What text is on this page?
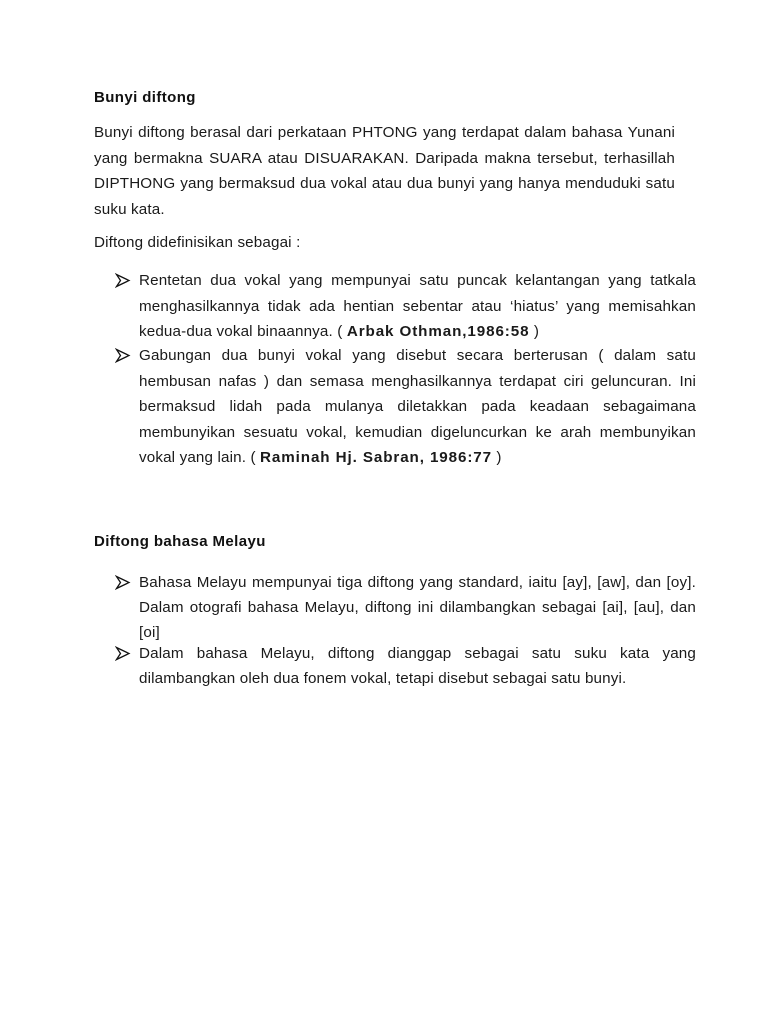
Bunyi diftong
Bunyi diftong berasal dari perkataan PHTONG yang terdapat dalam bahasa Yunani yang bermakna SUARA atau DISUARAKAN. Daripada makna tersebut, terhasillah DIPTHONG yang bermaksud dua vokal atau dua bunyi yang hanya menduduki satu suku kata.
Diftong didefinisikan sebagai :
Rentetan dua vokal yang mempunyai satu puncak kelantangan yang tatkala menghasilkannya tidak ada hentian sebentar atau ‘hiatus’ yang memisahkan kedua-dua vokal binaannya. ( Arbak Othman,1986:58 )
Gabungan dua bunyi vokal yang disebut secara berterusan ( dalam satu hembusan nafas ) dan semasa menghasilkannya terdapat ciri geluncuran. Ini bermaksud lidah pada mulanya diletakkan pada keadaan sebagaimana membunyikan sesuatu vokal, kemudian digeluncurkan ke arah membunyikan vokal yang lain. ( Raminah Hj. Sabran, 1986:77 )
Diftong bahasa Melayu
Bahasa Melayu mempunyai tiga diftong yang standard, iaitu [ay], [aw], dan [oy]. Dalam otografi bahasa Melayu, diftong ini dilambangkan sebagai [ai], [au], dan [oi]
Dalam bahasa Melayu, diftong dianggap sebagai satu suku kata yang dilambangkan oleh dua fonem vokal, tetapi disebut sebagai satu bunyi.
